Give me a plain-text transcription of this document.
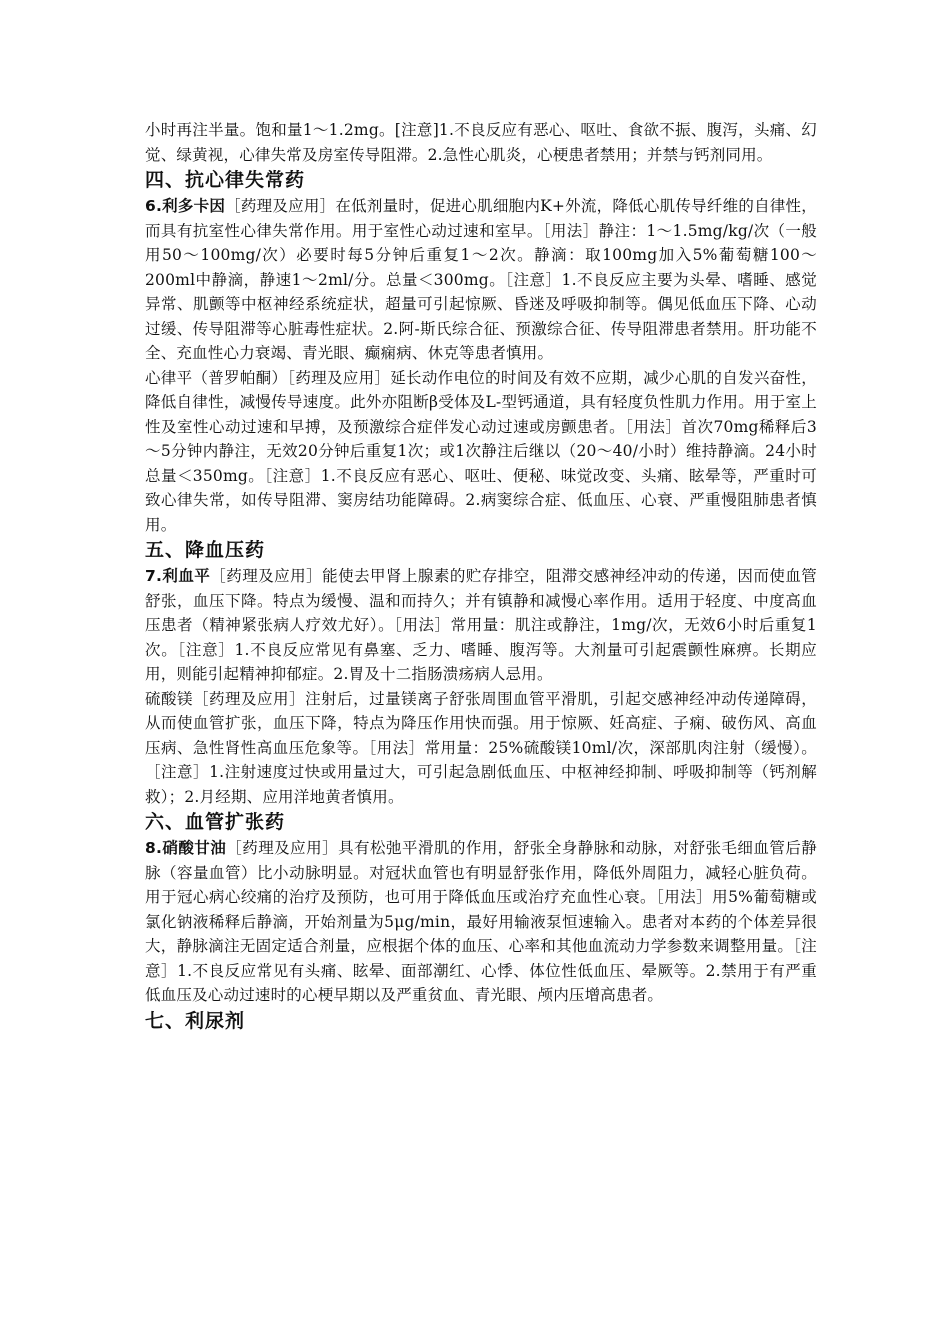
小时再注半量。饱和量1～1.2mg。[注意]1.不良反应有恶心、呕吐、食欲不振、腹泻，头痛、幻觉、绿黄视，心律失常及房室传导阻滞。2.急性心肌炎，心梗患者禁用；并禁与钙剂同用。

四、抗心律失常药

6.利多卡因［药理及应用］在低剂量时，促进心肌细胞内K+外流，降低心肌传导纤维的自律性，而具有抗室性心律失常作用。用于室性心动过速和室早。［用法］静注：1～1.5mg/kg/次（一般用50～100mg/次）必要时每5分钟后重复1～2次。静滴：取100mg加入5%葡萄糖100～200ml中静滴，静速1～2ml/分。总量＜300mg。［注意］1.不良反应主要为头晕、嗜睡、感觉异常、肌颤等中枢神经系统症状，超量可引起惊厥、昏迷及呼吸抑制等。偶见低血压下降、心动过缓、传导阻滞等心脏毒性症状。2.阿-斯氏综合征、预激综合征、传导阻滞患者禁用。肝功能不全、充血性心力衰竭、青光眼、癫痫病、休克等患者慎用。

心律平（普罗帕酮）［药理及应用］延长动作电位的时间及有效不应期，减少心肌的自发兴奋性，降低自律性，减慢传导速度。此外亦阻断β受体及L-型钙通道，具有轻度负性肌力作用。用于室上性及室性心动过速和早搏，及预激综合症伴发心动过速或房颤患者。［用法］首次70mg稀释后3～5分钟内静注，无效20分钟后重复1次；或1次静注后继以（20～40/小时）维持静滴。24小时总量＜350mg。［注意］1.不良反应有恶心、呕吐、便秘、味觉改变、头痛、眩晕等，严重时可致心律失常，如传导阻滞、窦房结功能障碍。2.病窦综合症、低血压、心衰、严重慢阻肺患者慎用。

五、降血压药

7.利血平［药理及应用］能使去甲肾上腺素的贮存排空，阻滞交感神经冲动的传递，因而使血管舒张，血压下降。特点为缓慢、温和而持久；并有镇静和减慢心率作用。适用于轻度、中度高血压患者（精神紧张病人疗效尤好）。［用法］常用量：肌注或静注，1mg/次，无效6小时后重复1次。［注意］1.不良反应常见有鼻塞、乏力、嗜睡、腹泻等。大剂量可引起震颤性麻痹。长期应用，则能引起精神抑郁症。2.胃及十二指肠溃疡病人忌用。

硫酸镁［药理及应用］注射后，过量镁离子舒张周围血管平滑肌，引起交感神经冲动传递障碍，从而使血管扩张，血压下降，特点为降压作用快而强。用于惊厥、妊高症、子痫、破伤风、高血压病、急性肾性高血压危象等。［用法］常用量：25%硫酸镁10ml/次，深部肌肉注射（缓慢）。［注意］1.注射速度过快或用量过大，可引起急剧低血压、中枢神经抑制、呼吸抑制等（钙剂解救）；2.月经期、应用洋地黄者慎用。

六、血管扩张药

8.硝酸甘油［药理及应用］具有松弛平滑肌的作用，舒张全身静脉和动脉，对舒张毛细血管后静脉（容量血管）比小动脉明显。对冠状血管也有明显舒张作用，降低外周阻力，减轻心脏负荷。用于冠心病心绞痛的治疗及预防，也可用于降低血压或治疗充血性心衰。［用法］用5%葡萄糖或氯化钠液稀释后静滴，开始剂量为5μg/min，最好用输液泵恒速输入。患者对本药的个体差异很大，静脉滴注无固定适合剂量，应根据个体的血压、心率和其他血流动力学参数来调整用量。［注意］1.不良反应常见有头痛、眩晕、面部潮红、心悸、体位性低血压、晕厥等。2.禁用于有严重低血压及心动过速时的心梗早期以及严重贫血、青光眼、颅内压增高患者。

七、利尿剂
